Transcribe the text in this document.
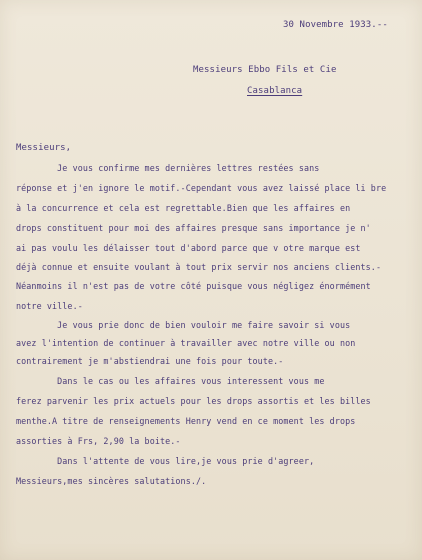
30 Novembre 1933.--
Messieurs Ebbo Fils et Cie
Casablanca
Messieurs,
Je vous confirme mes dernières lettres restées sans
réponse et j'en ignore le motif.-Cependant vous avez laissé place li bre
à la concurrence et cela est regrettable.Bien que les affaires en
drops constituent pour moi des affaires presque sans importance je n'
ai pas voulu les délaisser tout d'abord parce que v otre marque est
déjà connue et ensuite voulant à tout prix servir nos anciens clients.-
Néanmoins il n'est pas de votre côté puisque vous négligez énormément
notre ville.-
Je vous prie donc de bien vouloir me faire savoir si vous
avez l'intention de continuer à travailler avec notre ville ou non
contrairement je m'abstiendrai une fois pour toute.-
Dans le cas ou les affaires vous interessent vous me
ferez parvenir les prix actuels pour les drops assortis et les billes
menthe.A titre de renseignements Henry vend en ce moment les drops
assorties à Frs, 2,90 la boite.-
Dans l'attente de vous lire,je vous prie d'agreer,
Messieurs,mes sincères salutations./.
